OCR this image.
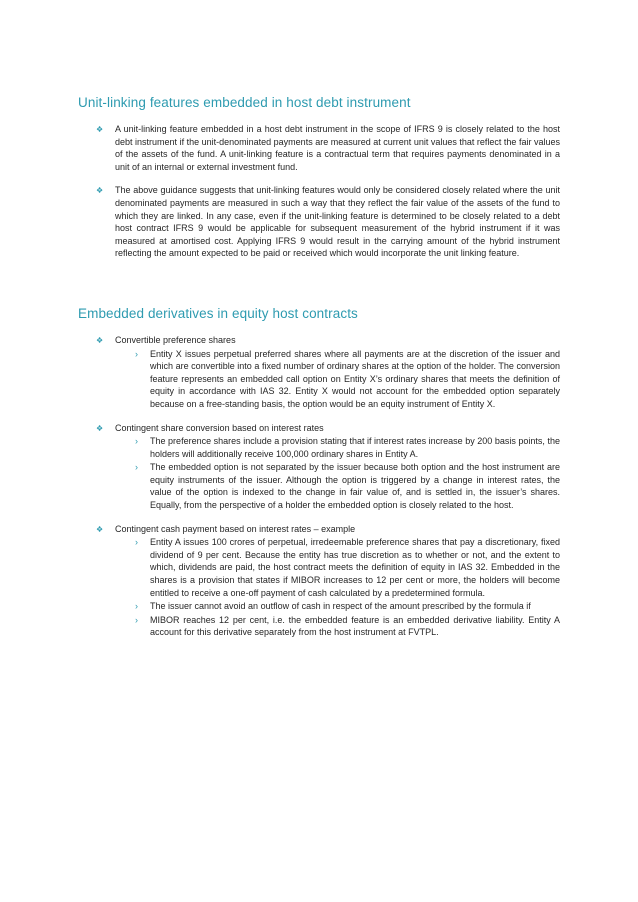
Unit-linking features embedded in host debt instrument
❖	A unit-linking feature embedded in a host debt instrument in the scope of IFRS 9 is closely related to the host debt instrument if the unit-denominated payments are measured at current unit values that reflect the fair values of the assets of the fund. A unit-linking feature is a contractual term that requires payments denominated in a unit of an internal or external investment fund.
❖	The above guidance suggests that unit-linking features would only be considered closely related where the unit denominated payments are measured in such a way that they reflect the fair value of the assets of the fund to which they are linked. In any case, even if the unit-linking feature is determined to be closely related to a debt host contract IFRS 9 would be applicable for subsequent measurement of the hybrid instrument if it was measured at amortised cost. Applying IFRS 9 would result in the carrying amount of the hybrid instrument reflecting the amount expected to be paid or received which would incorporate the unit linking feature.
Embedded derivatives in equity host contracts
❖	Convertible preference shares
›	Entity X issues perpetual preferred shares where all payments are at the discretion of the issuer and which are convertible into a fixed number of ordinary shares at the option of the holder. The conversion feature represents an embedded call option on Entity X’s ordinary shares that meets the definition of equity in accordance with IAS 32. Entity X would not account for the embedded option separately because on a free-standing basis, the option would be an equity instrument of Entity X.
❖	Contingent share conversion based on interest rates
›	The preference shares include a provision stating that if interest rates increase by 200 basis points, the holders will additionally receive 100,000 ordinary shares in Entity A.
›	The embedded option is not separated by the issuer because both option and the host instrument are equity instruments of the issuer. Although the option is triggered by a change in interest rates, the value of the option is indexed to the change in fair value of, and is settled in, the issuer’s shares. Equally, from the perspective of a holder the embedded option is closely related to the host.
❖	Contingent cash payment based on interest rates – example
›	Entity A issues 100 crores of perpetual, irredeemable preference shares that pay a discretionary, fixed dividend of 9 per cent. Because the entity has true discretion as to whether or not, and the extent to which, dividends are paid, the host contract meets the definition of equity in IAS 32. Embedded in the shares is a provision that states if MIBOR increases to 12 per cent or more, the holders will become entitled to receive a one-off payment of cash calculated by a predetermined formula.
›	The issuer cannot avoid an outflow of cash in respect of the amount prescribed by the formula if
›	MIBOR reaches 12 per cent, i.e. the embedded feature is an embedded derivative liability. Entity A account for this derivative separately from the host instrument at FVTPL.
